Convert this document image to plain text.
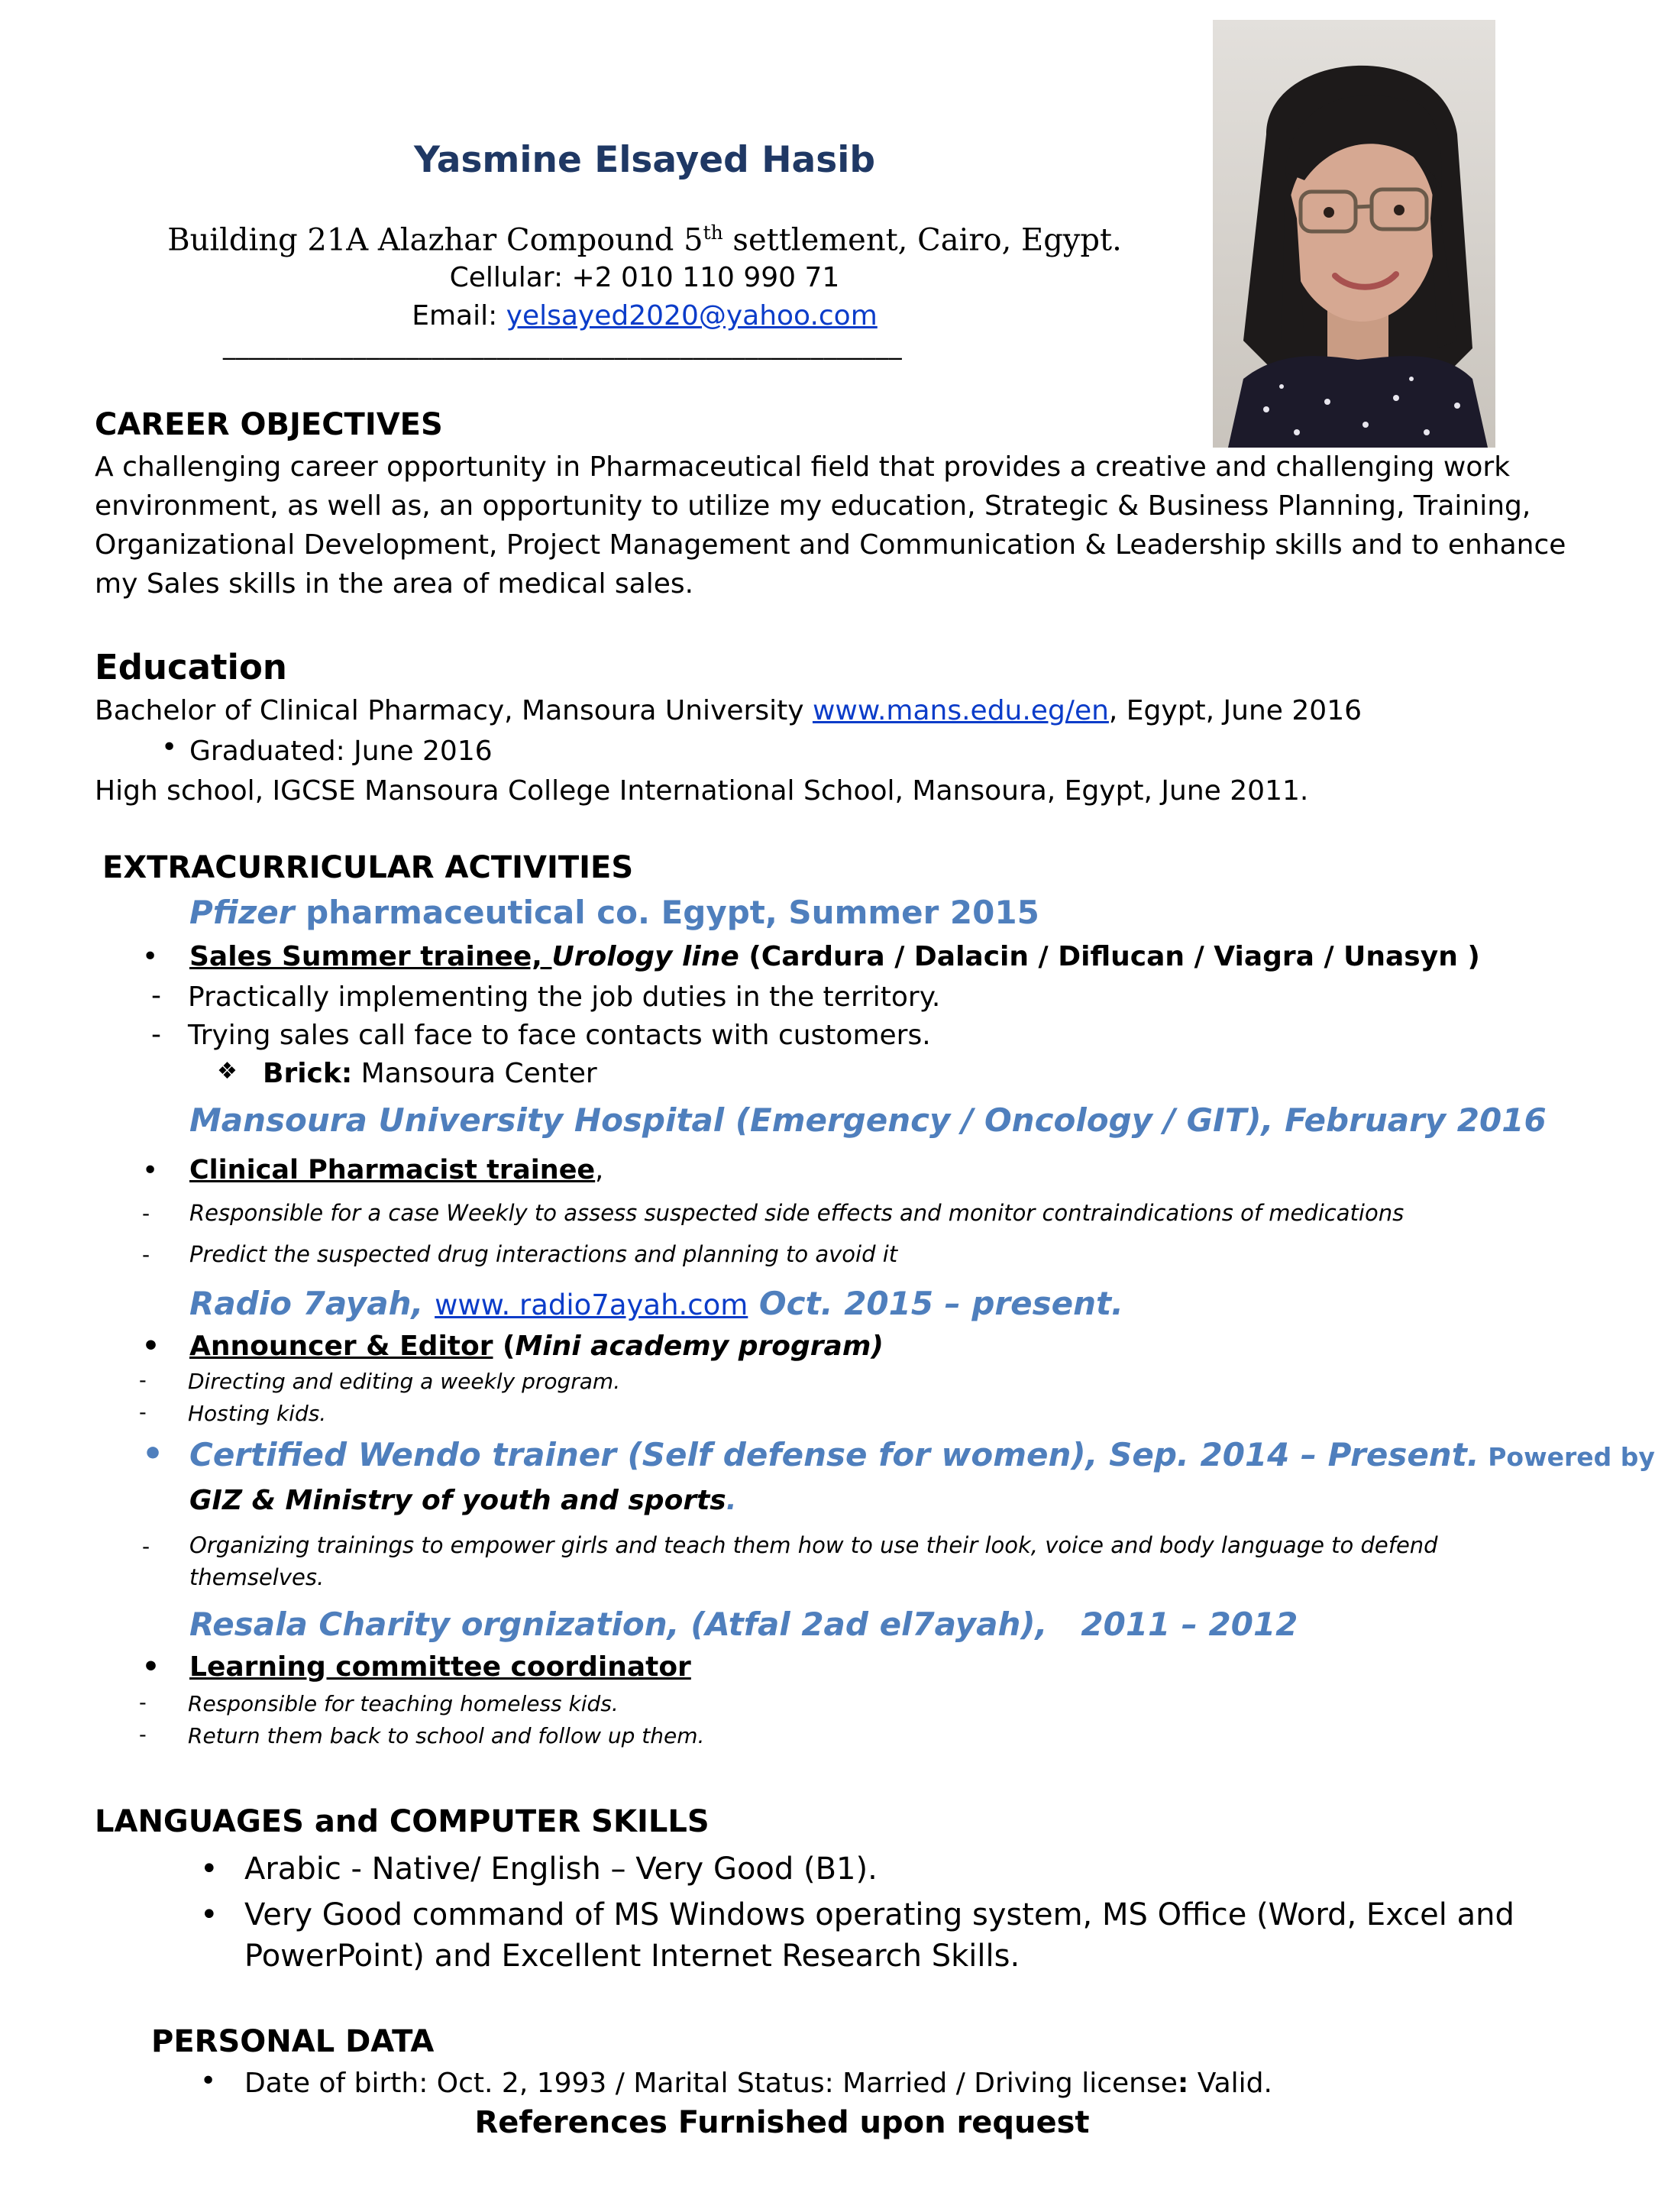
Yasmine Elsayed Hasib
Building 21A Alazhar Compound 5th settlement, Cairo, Egypt.
Cellular: +2 010 110 990 71
Email: yelsayed2020@yahoo.com
____________________________________________________
CAREER OBJECTIVES
A challenging career opportunity in Pharmaceutical field that provides a creative and challenging work
environment, as well as, an opportunity to utilize my education, Strategic & Business Planning, Training,
Organizational Development, Project Management and Communication & Leadership skills and to enhance
my Sales skills in the area of medical sales.
Education
Bachelor of Clinical Pharmacy, Mansoura University www.mans.edu.eg/en, Egypt, June 2016
• Graduated: June 2016
High school, IGCSE Mansoura College International School, Mansoura, Egypt, June 2011.
EXTRACURRICULAR ACTIVITIES
Pfizer pharmaceutical co. Egypt, Summer 2015
• Sales Summer trainee, Urology line (Cardura / Dalacin / Diflucan / Viagra / Unasyn )
- Practically implementing the job duties in the territory.
- Trying sales call face to face contacts with customers.
❖ Brick: Mansoura Center
Mansoura University Hospital (Emergency / Oncology / GIT), February 2016
• Clinical Pharmacist trainee,
- Responsible for a case Weekly to assess suspected side effects and monitor contraindications of medications
- Predict the suspected drug interactions and planning to avoid it
Radio 7ayah, www. radio7ayah.com Oct. 2015 – present.
• Announcer & Editor (Mini academy program)
- Directing and editing a weekly program.
- Hosting kids.
• Certified Wendo trainer (Self defense for women), Sep. 2014 – Present. Powered by
GIZ & Ministry of youth and sports.
- Organizing trainings to empower girls and teach them how to use their look, voice and body language to defend
themselves.
Resala Charity orgnization, (Atfal 2ad el7ayah),   2011 – 2012
• Learning committee coordinator
- Responsible for teaching homeless kids.
- Return them back to school and follow up them.
LANGUAGES and COMPUTER SKILLS
• Arabic - Native/ English – Very Good (B1).
• Very Good command of MS Windows operating system, MS Office (Word, Excel and
PowerPoint) and Excellent Internet Research Skills.
PERSONAL DATA
• Date of birth: Oct. 2, 1993 / Marital Status: Married / Driving license: Valid.
References Furnished upon request
